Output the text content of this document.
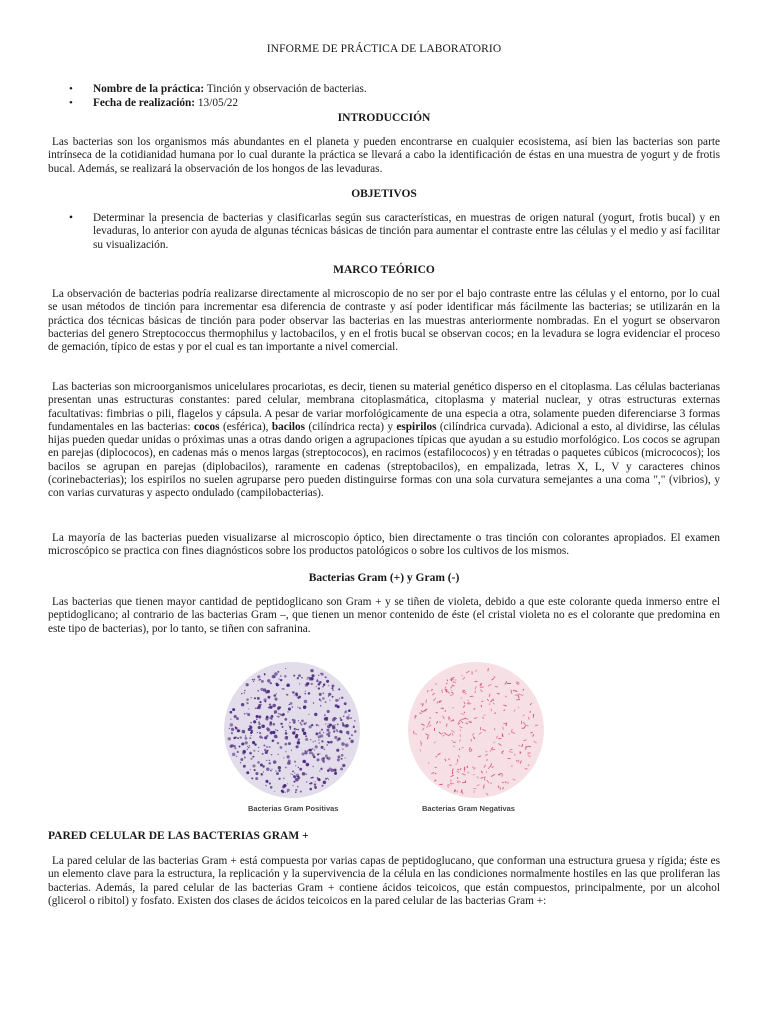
INFORME DE PRÁCTICA DE LABORATORIO
• Nombre de la práctica: Tinción y observación de bacterias.
• Fecha de realización: 13/05/22
INTRODUCCIÓN

Las bacterias son los organismos más abundantes en el planeta y pueden encontrarse en cualquier ecosistema, así bien las bacterias son parte intrínseca de la cotidianidad humana por lo cual durante la práctica se llevará a cabo la identificación de éstas en una muestra de yogurt y de frotis bucal. Además, se realizará la observación de los hongos de las levaduras.

OBJETIVOS
• Determinar la presencia de bacterias y clasificarlas según sus características, en muestras de origen natural (yogurt, frotis bucal) y en levaduras, lo anterior con ayuda de algunas técnicas básicas de tinción para aumentar el contraste entre las células y el medio y así facilitar su visualización.
MARCO TEÓRICO

La observación de bacterias podría realizarse directamente al microscopio de no ser por el bajo contraste entre las células y el entorno, por lo cual se usan métodos de tinción para incrementar esa diferencia de contraste y así poder identificar más fácilmente las bacterias; se utilizarán en la práctica dos técnicas básicas de tinción para poder observar las bacterias en las muestras anteriormente nombradas. En el yogurt se observaron bacterias del genero Streptococcus thermophilus y lactobacilos, y en el frotis bucal se observan cocos; en la levadura se logra evidenciar el proceso de gemación, típico de estas y por el cual es tan importante a nivel comercial.

Las bacterias son microorganismos unicelulares procariotas, es decir, tienen su material genético disperso en el citoplasma. Las células bacterianas presentan unas estructuras constantes: pared celular, membrana citoplasmática, citoplasma y material nuclear, y otras estructuras externas facultativas: fimbrias o pili, flagelos y cápsula. A pesar de variar morfológicamente de una especia a otra, solamente pueden diferenciarse 3 formas fundamentales en las bacterias: cocos (esférica), bacilos (cilíndrica recta) y espirilos (cilíndrica curvada). Adicional a esto, al dividirse, las células hijas pueden quedar unidas o próximas unas a otras dando origen a agrupaciones típicas que ayudan a su estudio morfológico. Los cocos se agrupan en parejas (diplococos), en cadenas más o menos largas (streptococos), en racimos (estafilococos) y en tétradas o paquetes cúbicos (micrococos); los bacilos se agrupan en parejas (diplobacilos), raramente en cadenas (streptobacilos), en empalizada, letras X, L, V y caracteres chinos (corinebacterias); los espirilos no suelen agruparse pero pueden distinguirse formas con una sola curvatura semejantes a una coma "," (vibrios), y con varias curvaturas y aspecto ondulado (campilobacterias).

La mayoría de las bacterias pueden visualizarse al microscopio óptico, bien directamente o tras tinción con colorantes apropiados. El examen microscópico se practica con fines diagnósticos sobre los productos patológicos o sobre los cultivos de los mismos.

Bacterias Gram (+) y Gram (-)

Las bacterias que tienen mayor cantidad de peptidoglicano son Gram + y se tiñen de violeta, debido a que este colorante queda inmerso entre el peptidoglicano; al contrario de las bacterias Gram –, que tienen un menor contenido de éste (el cristal violeta no es el colorante que predomina en este tipo de bacterias), por lo tanto, se tiñen con safranina.

Bacterias Gram Positivas	Bacterias Gram Negativas
PARED CELULAR DE LAS BACTERIAS GRAM +

La pared celular de las bacterias Gram + está compuesta por varias capas de peptidoglucano, que conforman una estructura gruesa y rígida; éste es un elemento clave para la estructura, la replicación y la supervivencia de la célula en las condiciones normalmente hostiles en las que proliferan las bacterias. Además, la pared celular de las bacterias Gram + contiene ácidos teicoicos, que están compuestos, principalmente, por un alcohol (glicerol o ribitol) y fosfato. Existen dos clases de ácidos teicoicos en la pared celular de las bacterias Gram +:
